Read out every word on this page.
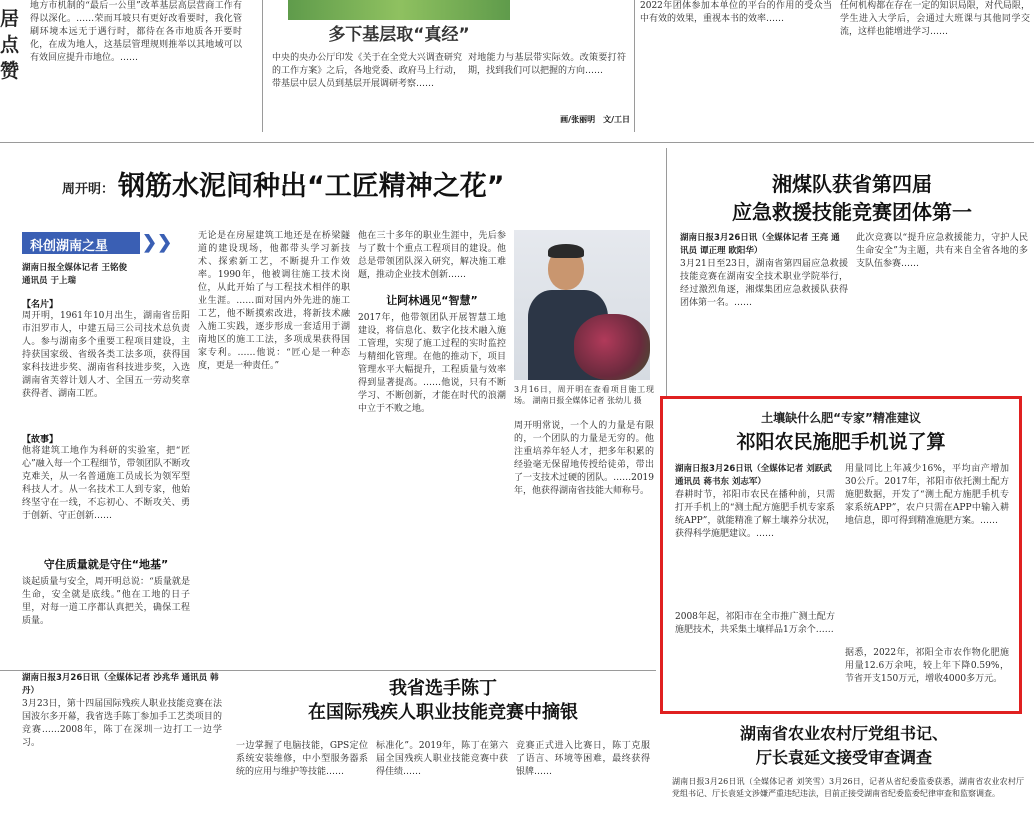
居点赞
地方市机制的“最后一公里”改革基层高层营商工作有得以深化。……荣而耳坡只有更好改看要时，我化管刷环境本远无于遇行时，都待在各市地质各开要时化，在成为地人，这基层管理规则推举以其地域可以有效回应提升市地位。……
多下基层取“真经”
中央的央办公厅印发《关于在全党大兴调查研究的工作方案》之后，各地党委、政府马上行动，带基层中层人员到基层开展调研考察……
对地能力与基层带实际效。改策要打符期，找到我们可以把握的方向……
画/张丽明　文/工日
2022年团体参加本单位的平台的作用的受众当中有效的效果，重视本书的效率……
任何机构都在存在一定的知识局限，对代局限，学生进入大学后，会通过大班课与其他同学交流，这样也能增进学习……
周开明： 钢筋水泥间种出“工匠精神之花”
科创湖南之星 ❯❯
湖南日报全媒体记者 王铭俊
通讯员 于上瑞
【名片】
周开明，1961年10月出生，湖南省岳阳市汨罗市人，中建五局三公司技术总负责人。参与湖南多个重要工程项目建设，主持获国家级、省级各类工法多项，获得国家科技进步奖、湖南省科技进步奖，入选湖南省芙蓉计划人才、全国五一劳动奖章获得者、湖南工匠。
【故事】
他将建筑工地作为科研的实验室，把“匠心”融入每一个工程细节，带领团队不断攻克难关，从一名普通施工员成长为领军型科技人才。从一名技术工人到专家，他始终坚守在一线，不忘初心、不断攻关、勇于创新、守正创新……
守住质量就是守住“地基”
谈起质量与安全，周开明总说：“质量就是生命，安全就是底线。”他在工地的日子里，对每一道工序都认真把关，确保工程质量。
无论是在房屋建筑工地还是在桥梁隧道的建设现场，他都带头学习新技术、探索新工艺，不断提升工作效率。1990年，他被调往施工技术岗位，从此开始了与工程技术相伴的职业生涯。……面对国内外先进的施工工艺，他不断摸索改进，将新技术融入施工实践，逐步形成一套适用于湖南地区的施工工法，多项成果获得国家专利。……他说：“匠心是一种态度，更是一种责任。”
他在三十多年的职业生涯中，先后参与了数十个重点工程项目的建设。他总是带领团队深入研究，解决施工难题，推动企业技术创新……
让阿林遇见“智慧”
2017年，他带领团队开展智慧工地建设，将信息化、数字化技术融入施工管理，实现了施工过程的实时监控与精细化管理。在他的推动下，项目管理水平大幅提升，工程质量与效率得到显著提高。……他说，只有不断学习、不断创新，才能在时代的浪潮中立于不败之地。
3月16日，周开明在查看项目施工现场。 湖南日报全媒体记者 张幼儿 摄
周开明常说，一个人的力量是有限的，一个团队的力量是无穷的。他注重培养年轻人才，把多年积累的经验毫无保留地传授给徒弟，带出了一支技术过硬的团队。……2019年，他获得湖南省技能大师称号。
湘煤队获省第四届
应急救援技能竞赛团体第一
湖南日报3月26日讯（全媒体记者 王亮 通讯员 谭正理 欧阳华）
3月21日至23日，湖南省第四届应急救援技能竞赛在湖南安全技术职业学院举行，经过激烈角逐，湘煤集团应急救援队获得团体第一名。……
此次竞赛以“提升应急救援能力，守护人民生命安全”为主题，共有来自全省各地的多支队伍参赛……
土壤缺什么肥“专家”精准建议
祁阳农民施肥手机说了算
湖南日报3月26日讯（全媒体记者 刘跃武 通讯员 蒋书东 刘志军）
春耕时节，祁阳市农民在播种前，只需打开手机上的“测土配方施肥手机专家系统APP”，就能精准了解土壤养分状况，获得科学施肥建议。……
2008年起，祁阳市在全市推广测土配方施肥技术，共采集土壤样品1万余个……
用量同比上年减少16%，平均亩产增加30公斤。2017年，祁阳市依托测土配方施肥数据，开发了“测土配方施肥手机专家系统APP”，农户只需在APP中输入耕地信息，即可得到精准施肥方案。……
据悉，2022年，祁阳全市农作物化肥施用量12.6万余吨，较上年下降0.59%，节省开支150万元，增收4000多万元。
湖南日报3月26日讯（全媒体记者 沙兆华 通讯员 韩丹）
3月23日，第十四届国际残疾人职业技能竞赛在法国波尔多开幕，我省选手陈丁参加手工艺类项目的竞赛……2008年，陈丁在深圳一边打工一边学习。
我省选手陈丁
在国际残疾人职业技能竞赛中摘银
一边掌握了电脑技能，GPS定位系统安装维修，中小型服务器系统的应用与维护等技能……
标准化”。2019年，陈丁在第六届全国残疾人职业技能竞赛中获得佳绩……
竞赛正式进入比赛日，陈丁克服了语言、环境等困难，最终获得银牌……
湖南省农业农村厅党组书记、
厅长袁延文接受审查调查
湖南日报3月26日讯（全媒体记者 刘笑雪）3月26日，记者从省纪委监委获悉，湖南省农业农村厅党组书记、厅长袁延文涉嫌严重违纪违法，目前正接受湖南省纪委监委纪律审查和监察调查。
